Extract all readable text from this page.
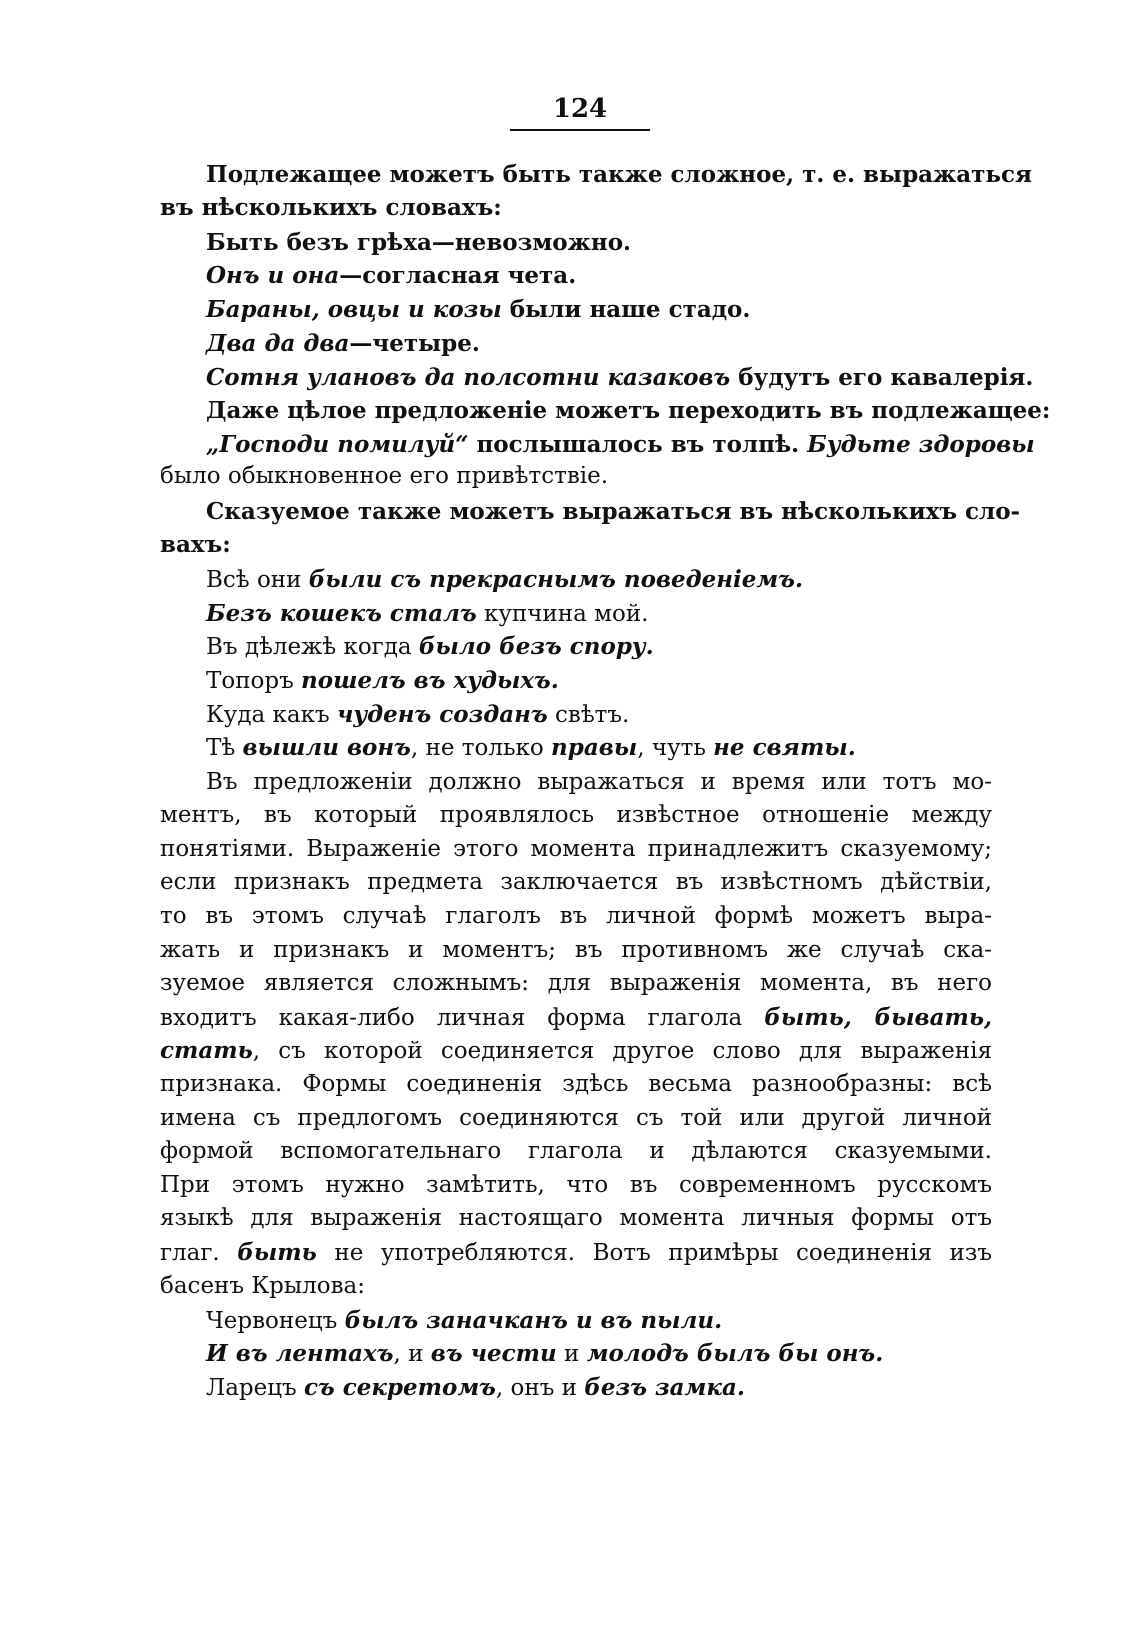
124
Подлежащее можетъ быть также сложное, т. е. выражаться
въ нѣсколькихъ словахъ:
Быть безъ грѣха—невозможно.
Онъ и она—согласная чета.
Бараны, овцы и козы были наше стадо.
Два да два—четыре.
Сотня улановъ да полсотни казаковъ будутъ его кавалерія.
Даже цѣлое предложеніе можетъ переходить въ подлежащее:
„Господи помилуй“ послышалось въ толпѣ. Будьте здоровы
было обыкновенное его привѣтствіе.
Сказуемое также можетъ выражаться въ нѣсколькихъ сло-
вахъ:
Всѣ они были съ прекраснымъ поведеніемъ.
Безъ кошекъ сталъ купчина мой.
Въ дѣлежѣ когда было безъ спору.
Топоръ пошелъ въ худыхъ.
Куда какъ чуденъ созданъ свѣтъ.
Тѣ вышли вонъ, не только правы, чуть не святы.
Въ предложеніи должно выражаться и время или тотъ мо-
ментъ, въ который проявлялось извѣстное отношеніе между
понятіями. Выраженіе этого момента принадлежитъ сказуемому;
если признакъ предмета заключается въ извѣстномъ дѣйствіи,
то въ этомъ случаѣ глаголъ въ личной формѣ можетъ выра-
жать и признакъ и моментъ; въ противномъ же случаѣ ска-
зуемое является сложнымъ: для выраженія момента, въ него
входитъ какая-либо личная форма глагола быть, бывать,
стать, съ которой соединяется другое слово для выраженія
признака. Формы соединенія здѣсь весьма разнообразны: всѣ
имена съ предлогомъ соединяются съ той или другой личной
формой вспомогательнаго глагола и дѣлаются сказуемыми.
При этомъ нужно замѣтить, что въ современномъ русскомъ
языкѣ для выраженія настоящаго момента личныя формы отъ
глаг. быть не употребляются. Вотъ примѣры соединенія изъ
басенъ Крылова:
Червонецъ былъ заначканъ и въ пыли.
И въ лентахъ, и въ чести и молодъ былъ бы онъ.
Ларецъ съ секретомъ, онъ и безъ замка.
